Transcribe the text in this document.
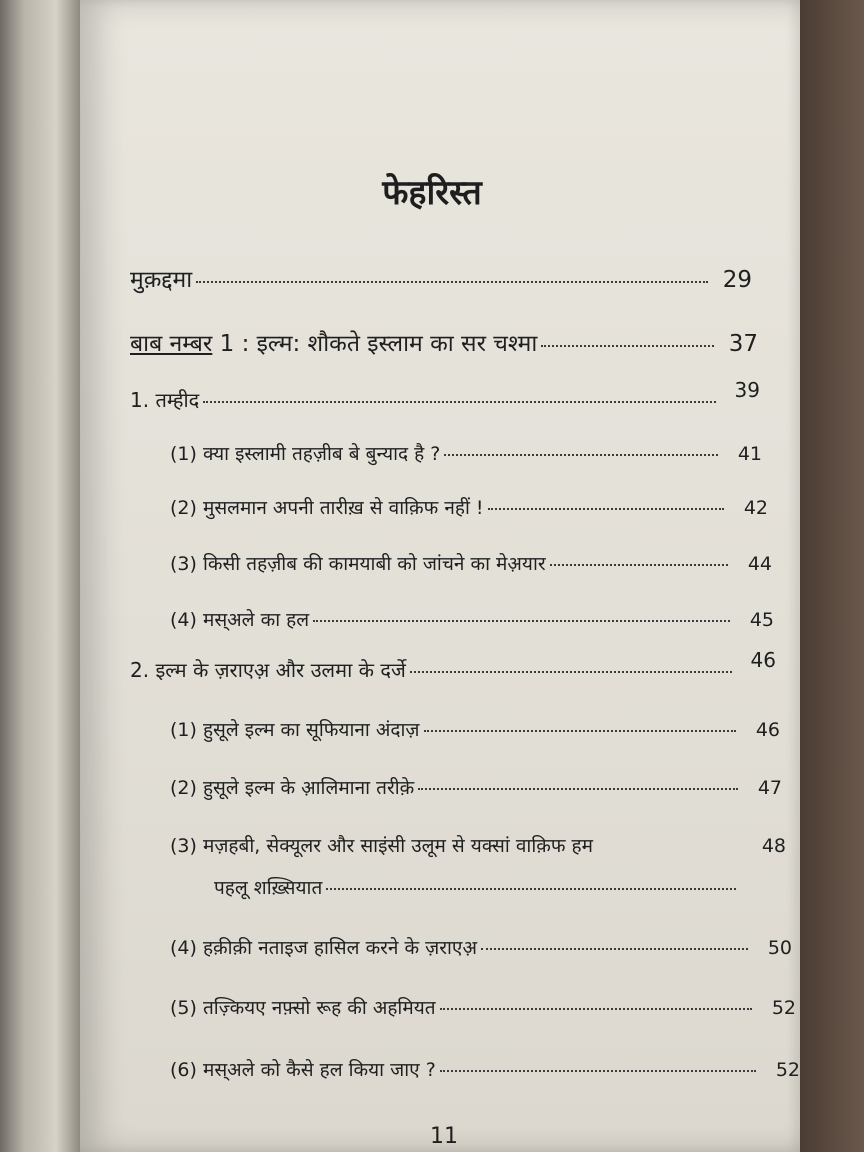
फेहरिस्त
मुक़द्दमा	29
बाब नम्बर 1 : इल्म: शौकते इस्लाम का सर चश्मा	37
1. तम्हीद	39
(1) क्या इस्लामी तहज़ीब बे बुन्याद है ?	41
(2) मुसलमान अपनी तारीख़ से वाक़िफ नहीं !	42
(3) किसी तहज़ीब की कामयाबी को जांचने का मेअ़यार	44
(4) मस्अले का हल	45
2. इल्म के ज़राएअ़ और उलमा के दर्जे	46
(1) हुसूले इल्म का सूफियाना अंदाज़	46
(2) हुसूले इल्म के आ़लिमाना तरीके़	47
(3) मज़हबी, सेक्यूलर और साइंसी उलूम से यक्सां वाक़िफ हम	48
पहलू शख़्सियात
(4) हक़ीक़ी नताइज हासिल करने के ज़राएअ़	50
(5) तज़्कियए नफ़्सो रूह की अहमियत	52
(6) मस्अले को कैसे हल किया जाए ?	52
11
